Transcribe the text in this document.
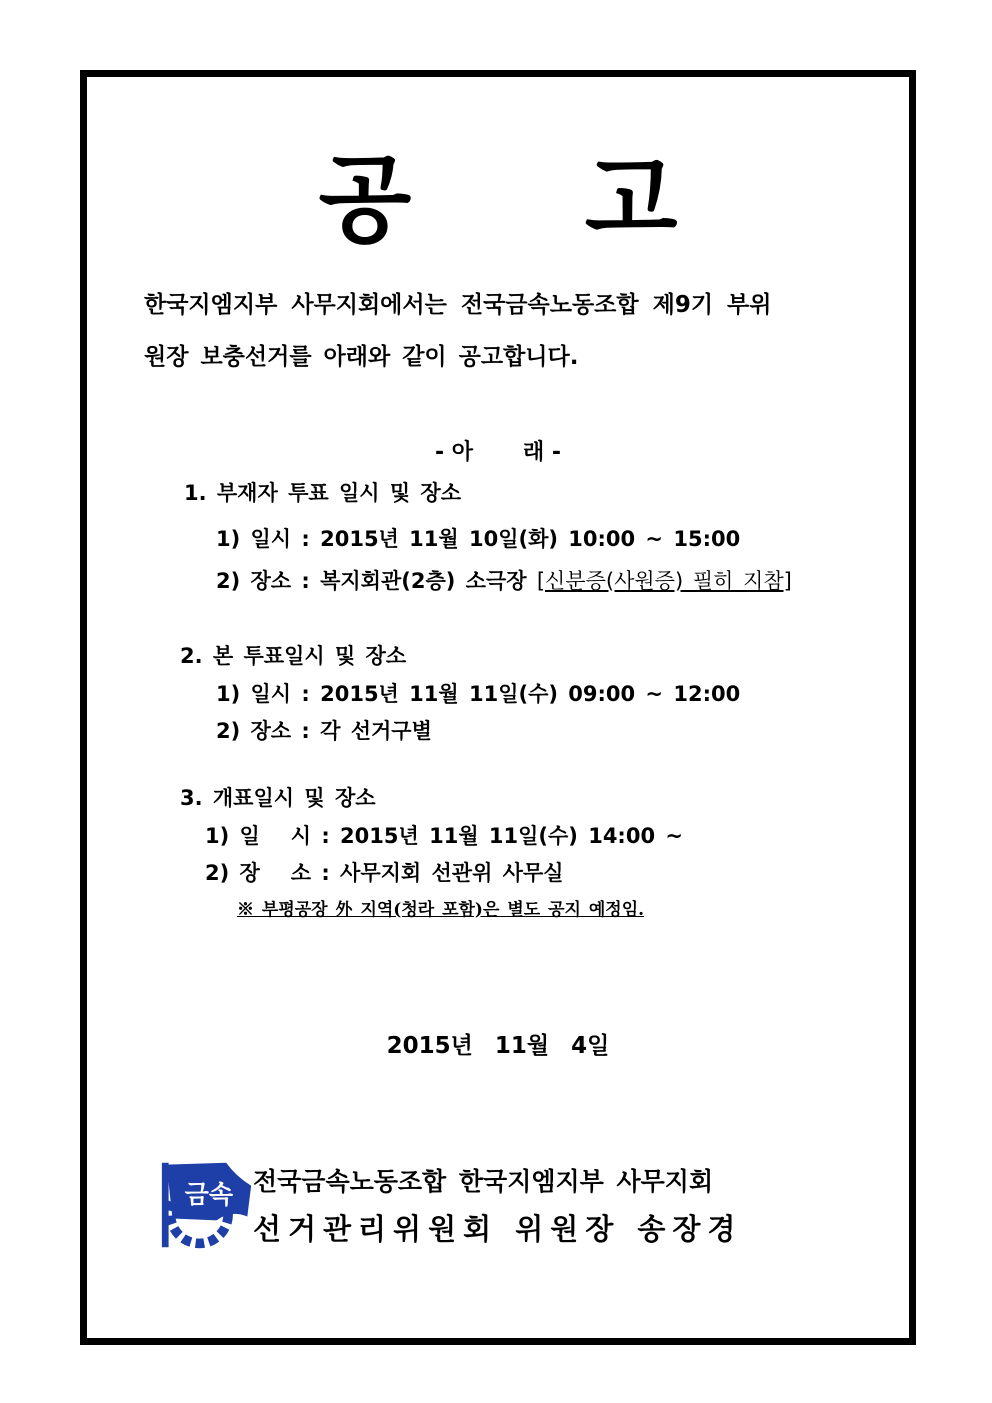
공 고
한국지엠지부 사무지회에서는 전국금속노동조합 제9기 부위
원장 보충선거를 아래와 같이 공고합니다.
- 아 래 -
1. 부재자 투표 일시 및 장소
1) 일시 : 2015년 11월 10일(화) 10:00 ~ 15:00
2) 장소 : 복지회관(2층) 소극장 [신분증(사원증) 필히 지참]
2. 본 투표일시 및 장소
1) 일시 : 2015년 11월 11일(수) 09:00 ~ 12:00
2) 장소 : 각 선거구별
3. 개표일시 및 장소
1) 일   시 : 2015년 11월 11일(수) 14:00 ~
2) 장   소 : 사무지회 선관위 사무실
※ 부평공장 外 지역(청라 포함)은 별도 공지 예정임.
2015년 11월 4일
금속 전국금속노동조합 한국지엠지부 사무지회
선거관리위원회 위원장 송장경
